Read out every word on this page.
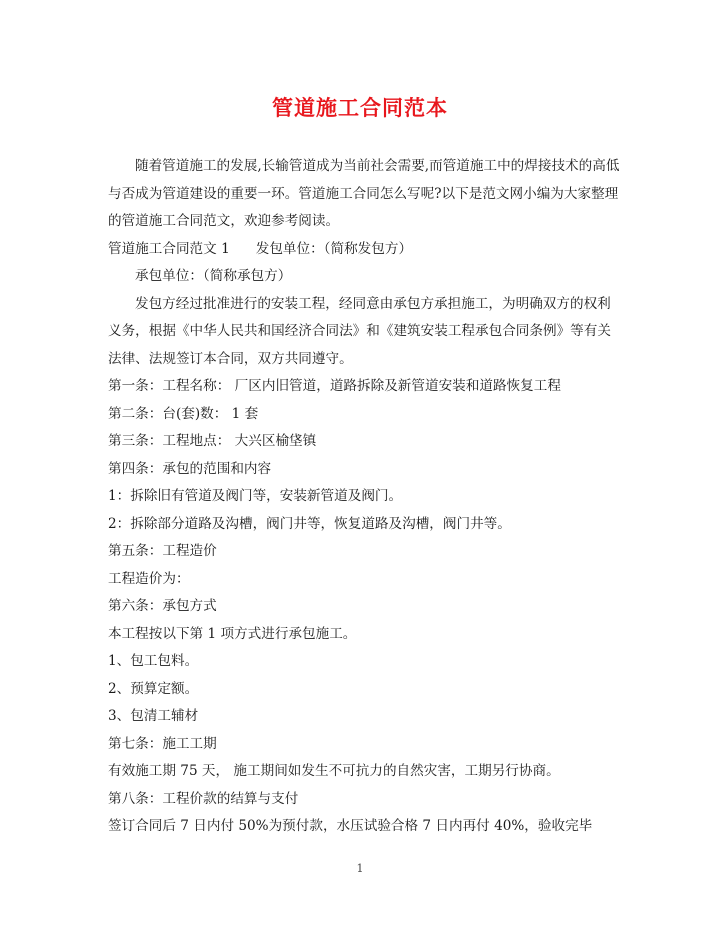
管道施工合同范本

随着管道施工的发展,长输管道成为当前社会需要,而管道施工中的焊接技术的高低与否成为管道建设的重要一环。管道施工合同怎么写呢?以下是范文网小编为大家整理的管道施工合同范文，欢迎参考阅读。

管道施工合同范文 1 发包单位：（简称发包方）

承包单位：（简称承包方）

发包方经过批准进行的安装工程，经同意由承包方承担施工，为明确双方的权利义务，根据《中华人民共和国经济合同法》和《建筑安装工程承包合同条例》等有关法律、法规签订本合同，双方共同遵守。

第一条：工程名称： 厂区内旧管道，道路拆除及新管道安装和道路恢复工程

第二条：台(套)数： 1 套

第三条：工程地点： 大兴区榆垡镇

第四条：承包的范围和内容

1：拆除旧有管道及阀门等，安装新管道及阀门。

2：拆除部分道路及沟槽，阀门井等，恢复道路及沟槽，阀门井等。

第五条：工程造价

工程造价为：

第六条：承包方式

本工程按以下第 1 项方式进行承包施工。

1、包工包料。

2、预算定额。

3、包清工辅材

第七条：施工工期

有效施工期 75 天， 施工期间如发生不可抗力的自然灾害，工期另行协商。

第八条：工程价款的结算与支付

签订合同后 7 日内付 50%为预付款，水压试验合格 7 日内再付 40%，验收完毕

1
